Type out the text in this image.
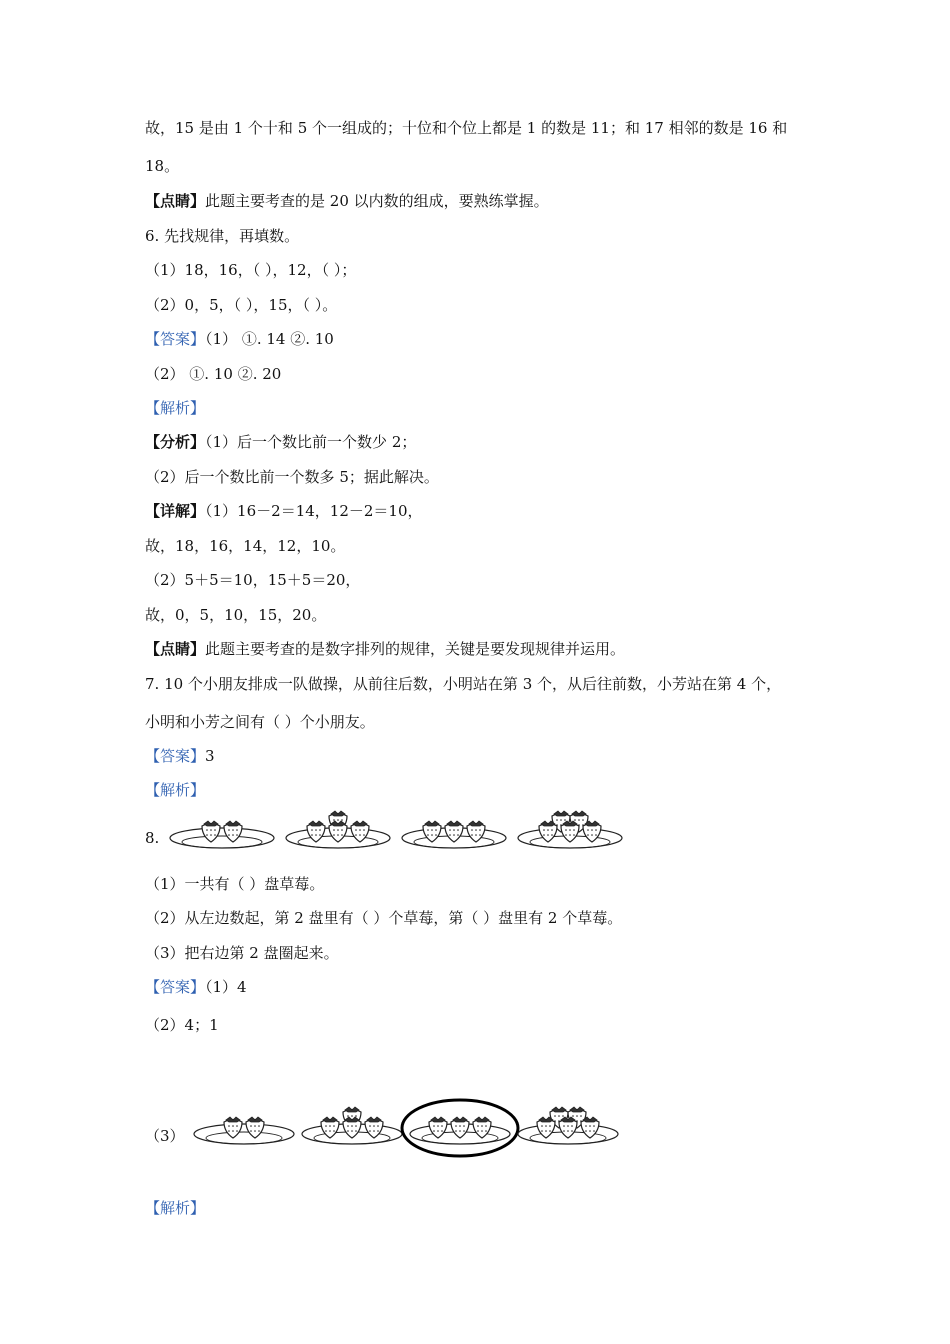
故，15 是由 1 个十和 5 个一组成的；十位和个位上都是 1 的数是 11；和 17 相邻的数是 16 和
18。
【点睛】此题主要考查的是 20 以内数的组成，要熟练掌握。
6. 先找规律，再填数。
（1）18，16，（ ），12，（ ）；
（2）0，5，（ ），15，（ ）。
【答案】（1） ①. 14 ②. 10
（2） ①. 10 ②. 20
【解析】
【分析】（1）后一个数比前一个数少 2；
（2）后一个数比前一个数多 5；据此解决。
【详解】（1）16－2＝14，12－2＝10，
故，18，16，14，12，10。
（2）5＋5＝10，15＋5＝20，
故，0，5，10，15，20。
【点睛】此题主要考查的是数字排列的规律，关键是要发现规律并运用。
7. 10 个小朋友排成一队做操，从前往后数，小明站在第 3 个，从后往前数，小芳站在第 4 个，
小明和小芳之间有（ ）个小朋友。
【答案】3
【解析】
8.
（1）一共有（ ）盘草莓。
（2）从左边数起，第 2 盘里有（ ）个草莓，第（ ）盘里有 2 个草莓。
（3）把右边第 2 盘圈起来。
【答案】（1）4
（2）4；1
（3）
【解析】
